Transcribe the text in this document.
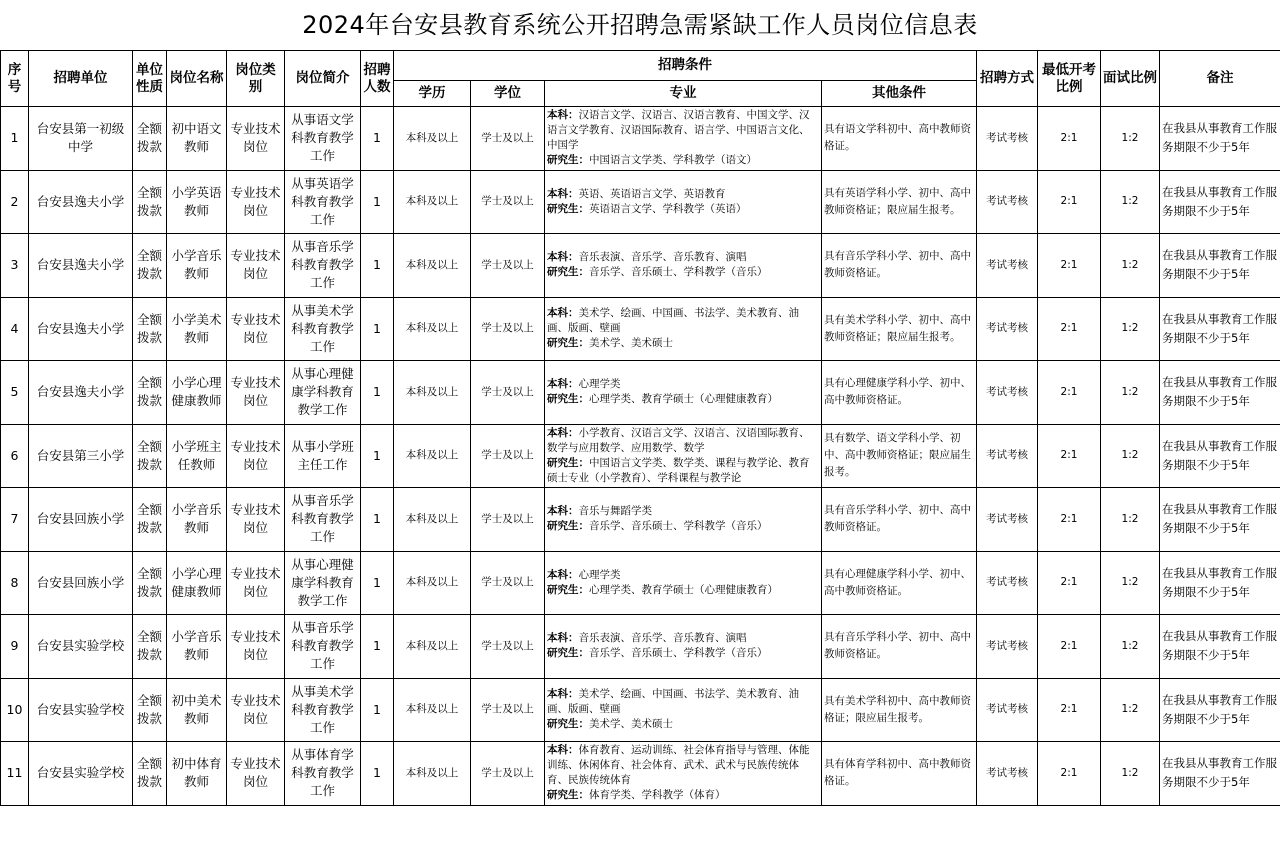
2024年台安县教育系统公开招聘急需紧缺工作人员岗位信息表
序号	招聘单位	单位性质	岗位名称	岗位类别	岗位简介	招聘人数	招聘条件				招聘方式	最低开考比例	面试比例	备注
							学历	学位	专业	其他条件				
1	台安县第一初级中学	全额拨款	初中语文教师	专业技术岗位	从事语文学科教育教学工作	1	本科及以上	学士及以上	本科：汉语言文学、汉语言、汉语言教育、中国文学、汉语言文学教育、汉语国际教育、语言学、中国语言文化、中国学
研究生：中国语言文学类、学科教学（语文）	具有语文学科初中、高中教师资格证。	考试考核	2:1	1:2	在我县从事教育工作服务期限不少于5年
2	台安县逸夫小学	全额拨款	小学英语教师	专业技术岗位	从事英语学科教育教学工作	1	本科及以上	学士及以上	本科：英语、英语语言文学、英语教育
研究生：英语语言文学、学科教学（英语）	具有英语学科小学、初中、高中教师资格证；限应届生报考。	考试考核	2:1	1:2	在我县从事教育工作服务期限不少于5年
3	台安县逸夫小学	全额拨款	小学音乐教师	专业技术岗位	从事音乐学科教育教学工作	1	本科及以上	学士及以上	本科：音乐表演、音乐学、音乐教育、演唱
研究生：音乐学、音乐硕士、学科教学（音乐）	具有音乐学科小学、初中、高中教师资格证。	考试考核	2:1	1:2	在我县从事教育工作服务期限不少于5年
4	台安县逸夫小学	全额拨款	小学美术教师	专业技术岗位	从事美术学科教育教学工作	1	本科及以上	学士及以上	本科：美术学、绘画、中国画、书法学、美术教育、油画、版画、壁画
研究生：美术学、美术硕士	具有美术学科小学、初中、高中教师资格证；限应届生报考。	考试考核	2:1	1:2	在我县从事教育工作服务期限不少于5年
5	台安县逸夫小学	全额拨款	小学心理健康教师	专业技术岗位	从事心理健康学科教育教学工作	1	本科及以上	学士及以上	本科：心理学类
研究生：心理学类、教育学硕士（心理健康教育）	具有心理健康学科小学、初中、高中教师资格证。	考试考核	2:1	1:2	在我县从事教育工作服务期限不少于5年
6	台安县第三小学	全额拨款	小学班主任教师	专业技术岗位	从事小学班主任工作	1	本科及以上	学士及以上	本科：小学教育、汉语言文学、汉语言、汉语国际教育、数学与应用数学、应用数学、数学
研究生：中国语言文学类、数学类、课程与教学论、教育硕士专业（小学教育）、学科课程与教学论	具有数学、语文学科小学、初中、高中教师资格证；限应届生报考。	考试考核	2:1	1:2	在我县从事教育工作服务期限不少于5年
7	台安县回族小学	全额拨款	小学音乐教师	专业技术岗位	从事音乐学科教育教学工作	1	本科及以上	学士及以上	本科：音乐与舞蹈学类
研究生：音乐学、音乐硕士、学科教学（音乐）	具有音乐学科小学、初中、高中教师资格证。	考试考核	2:1	1:2	在我县从事教育工作服务期限不少于5年
8	台安县回族小学	全额拨款	小学心理健康教师	专业技术岗位	从事心理健康学科教育教学工作	1	本科及以上	学士及以上	本科：心理学类
研究生：心理学类、教育学硕士（心理健康教育）	具有心理健康学科小学、初中、高中教师资格证。	考试考核	2:1	1:2	在我县从事教育工作服务期限不少于5年
9	台安县实验学校	全额拨款	小学音乐教师	专业技术岗位	从事音乐学科教育教学工作	1	本科及以上	学士及以上	本科：音乐表演、音乐学、音乐教育、演唱
研究生：音乐学、音乐硕士、学科教学（音乐）	具有音乐学科小学、初中、高中教师资格证。	考试考核	2:1	1:2	在我县从事教育工作服务期限不少于5年
10	台安县实验学校	全额拨款	初中美术教师	专业技术岗位	从事美术学科教育教学工作	1	本科及以上	学士及以上	本科：美术学、绘画、中国画、书法学、美术教育、油画、版画、壁画
研究生：美术学、美术硕士	具有美术学科初中、高中教师资格证；限应届生报考。	考试考核	2:1	1:2	在我县从事教育工作服务期限不少于5年
11	台安县实验学校	全额拨款	初中体育教师	专业技术岗位	从事体育学科教育教学工作	1	本科及以上	学士及以上	本科：体育教育、运动训练、社会体育指导与管理、体能训练、休闲体育、社会体育、武术、武术与民族传统体育、民族传统体育
研究生：体育学类、学科教学（体育）	具有体育学科初中、高中教师资格证。	考试考核	2:1	1:2	在我县从事教育工作服务期限不少于5年
